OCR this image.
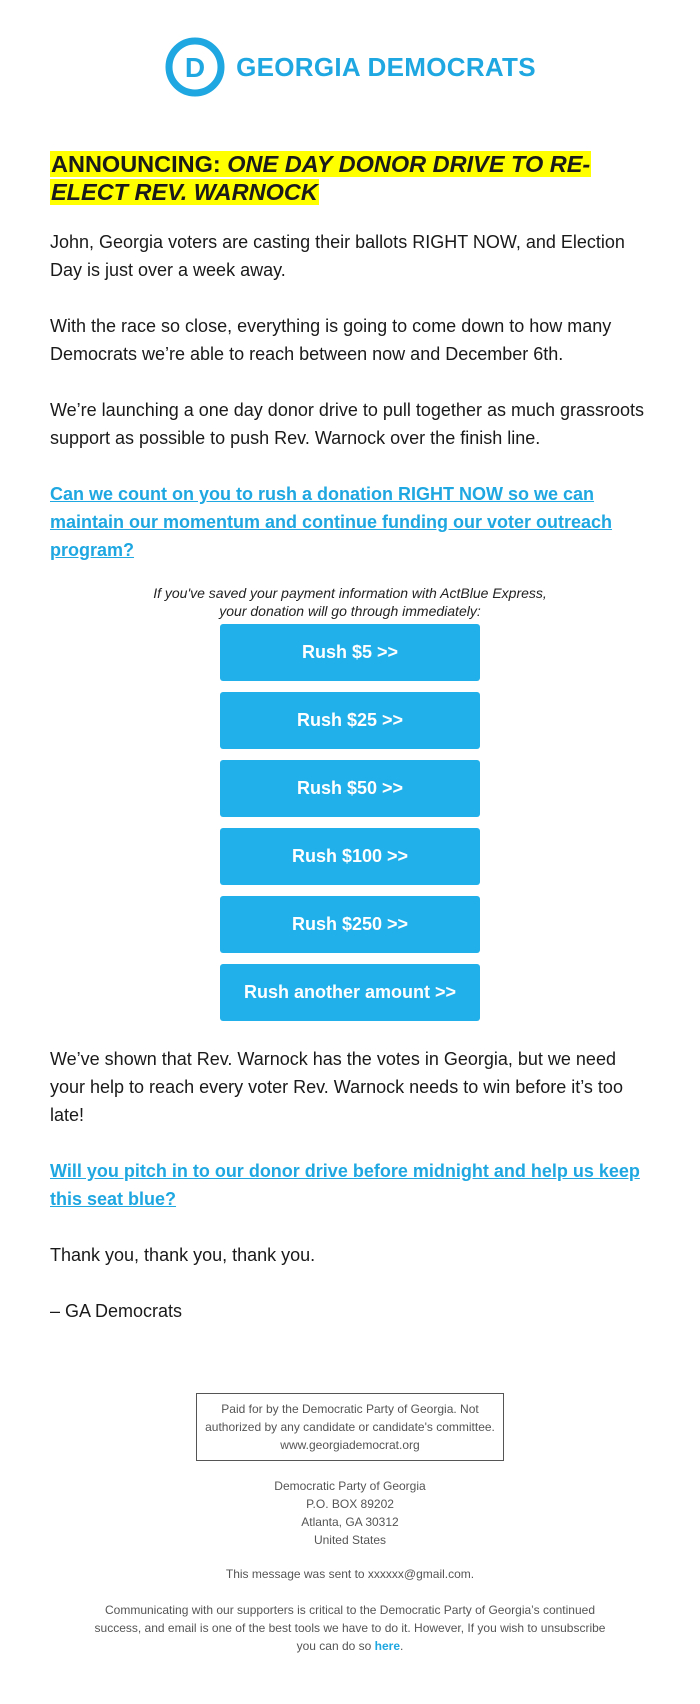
D GEORGIA DEMOCRATS
ANNOUNCING: ONE DAY DONOR DRIVE TO RE-ELECT REV. WARNOCK

John, Georgia voters are casting their ballots RIGHT NOW, and Election Day is just over a week away.

With the race so close, everything is going to come down to how many Democrats we’re able to reach between now and December 6th.

We’re launching a one day donor drive to pull together as much grassroots support as possible to push Rev. Warnock over the finish line.

Can we count on you to rush a donation RIGHT NOW so we can maintain our momentum and continue funding our voter outreach program?
If you've saved your payment information with ActBlue Express,
your donation will go through immediately:
Rush $5 >>
Rush $25 >>
Rush $50 >>
Rush $100 >>
Rush $250 >>
Rush another amount >>

We’ve shown that Rev. Warnock has the votes in Georgia, but we need your help to reach every voter Rev. Warnock needs to win before it’s too late!

Will you pitch in to our donor drive before midnight and help us keep this seat blue?

Thank you, thank you, thank you.

– GA Democrats

Paid for by the Democratic Party of Georgia. Not
authorized by any candidate or candidate's committee.
www.georgiademocrat.org
Democratic Party of Georgia
P.O. BOX 89202
Atlanta, GA 30312
United States
This message was sent to xxxxxx@gmail.com.
Communicating with our supporters is critical to the Democratic Party of Georgia’s continued success, and email is one of the best tools we have to do it. However, If you wish to unsubscribe you can do so here.
